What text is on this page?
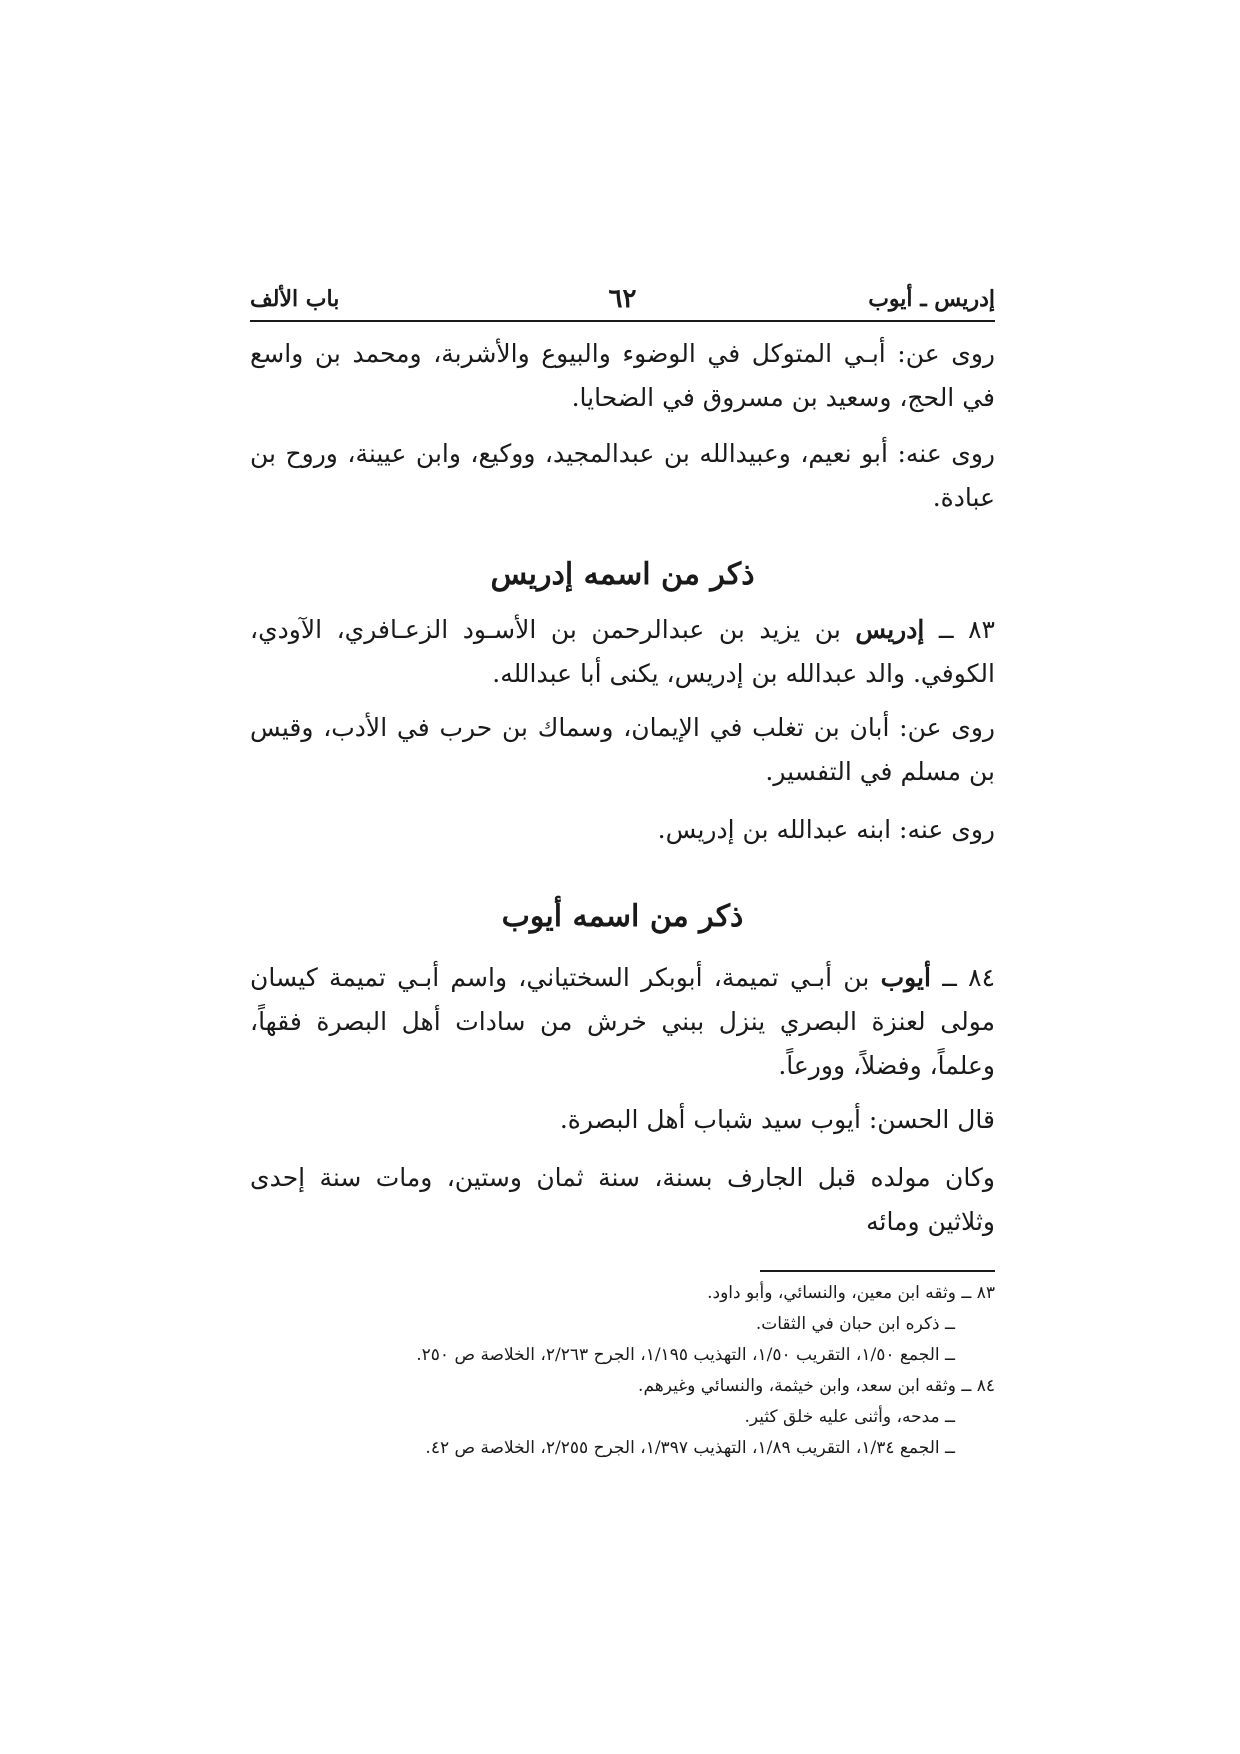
إدريس ـ أيوب
٦٢
باب الألف

روى عن: أبـي المتوكل في الوضوء والبيوع والأشربة، ومحمد بن واسع في الحج، وسعيد بن مسروق في الضحايا.

روى عنه: أبو نعيم، وعبيدالله بن عبدالمجيد، ووكيع، وابن عيينة، وروح بن عبادة.

ذكر من اسمه إدريس

٨٣ ــ إدريس بن يزيد بن عبدالرحمن بن الأسـود الزعـافري، الآودي، الكوفي. والد عبدالله بن إدريس، يكنى أبا عبدالله.

روى عن: أبان بن تغلب في الإيمان، وسماك بن حرب في الأدب، وقيس بن مسلم في التفسير.

روى عنه: ابنه عبدالله بن إدريس.

ذكر من اسمه أيوب

٨٤ ــ أيوب بن أبـي تميمة، أبوبكر السختياني، واسم أبـي تميمة كيسان مولى لعنزة البصري ينزل ببني خرش من سادات أهل البصرة فقهاً، وعلماً، وفضلاً، وورعاً.

قال الحسن: أيوب سيد شباب أهل البصرة.

وكان مولده قبل الجارف بسنة، سنة ثمان وستين، ومات سنة إحدى وثلاثين ومائه

٨٣ ــ وثقه ابن معين، والنسائي، وأبو داود.

ــ ذكره ابن حبان في الثقات.

ــ الجمع ١/٥٠، التقريب ١/٥٠، التهذيب ١/١٩٥، الجرح ٢/٢٦٣، الخلاصة ص ٢٥٠.

٨٤ ــ وثقه ابن سعد، وابن خيثمة، والنسائي وغيرهم.

ــ مدحه، وأثنى عليه خلق كثير.

ــ الجمع ١/٣٤، التقريب ١/٨٩، التهذيب ١/٣٩٧، الجرح ٢/٢٥٥، الخلاصة ص ٤٢.
